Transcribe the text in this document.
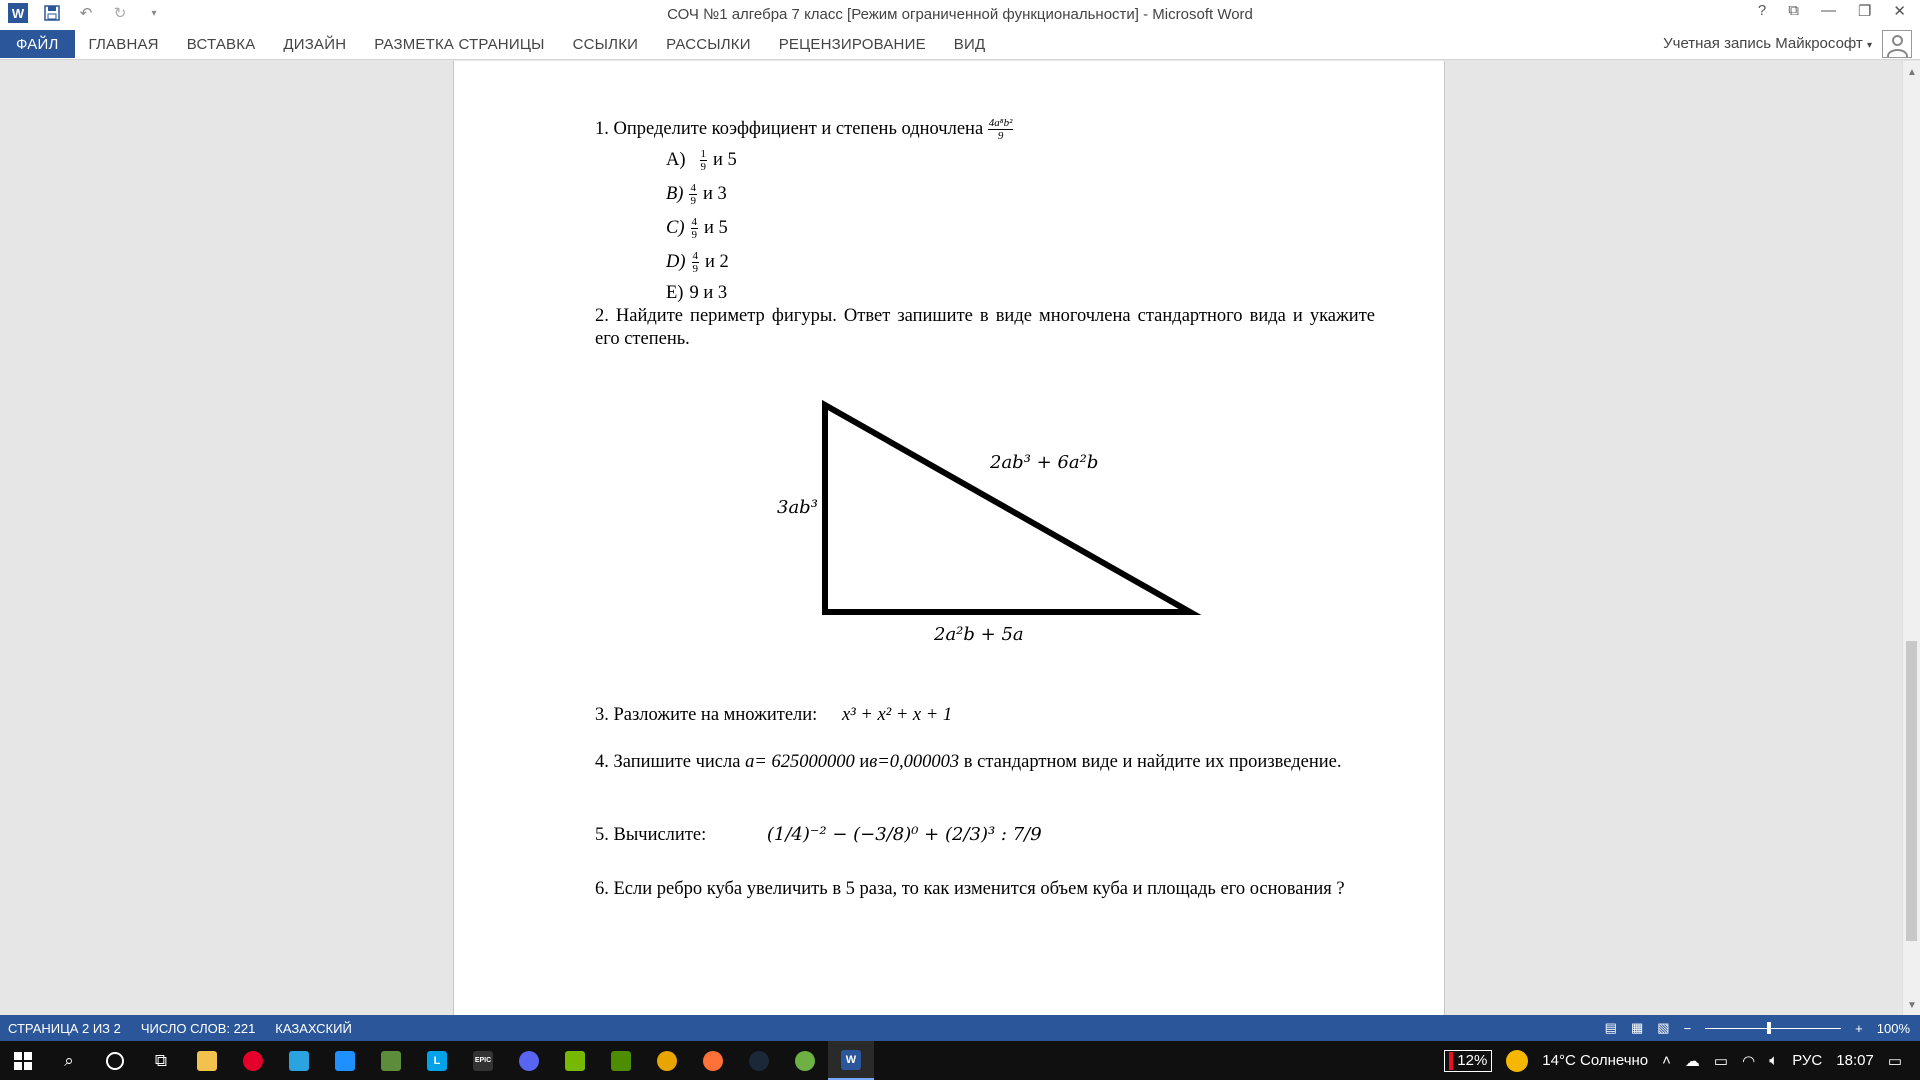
W	↶ ↻	▾	СОЧ №1 алгебра 7 класс [Режим ограниченной функциональности] - Microsoft Word	? ⧉ — ❐ ✕
ФАЙЛ	ГЛАВНАЯ	ВСТАВКА	ДИЗАЙН	РАЗМЕТКА СТРАНИЦЫ	ССЫЛКИ	РАССЫЛКИ	РЕЦЕНЗИРОВАНИЕ	ВИД	Учетная запись Майкрософт ▾
▲
▼
1. Определите коэффициент и степень одночлена $\frac{\text{4a⁸b²}}{9}$
$A) \frac{1}{9}$ и 5
$B) \frac{4}{9}$ и 3
$C) \frac{4}{9}$ и 5
$D) \frac{4}{9}$ и 2
E) 9 и 3
2. Найдите периметр фигуры. Ответ запишите в виде многочлена стандартного вида и укажите его степень.
3ab³
2ab³ + 6a²b
2a²b + 5a
3. Разложите на множители: x³ + x² + x + 1
4. Запишите числа a= 625000000 ив=0,000003 в стандартном виде и найдите их произведение.
5. Вычислите:	(1/4)⁻² − (−3/8)⁰ + (2/3)³ : 7/9
6. Если ребро куба увеличить в 5 раза, то как изменится объем куба и площадь его основания ?
СТРАНИЦА 2 ИЗ 2 ЧИСЛО СЛОВ: 221 КАЗАХСКИЙ	▤ ▦ ▧ −	+ 100%
⌕	⧉	L	EPIC	W	12%	14°C Солнечно ˄ ☁ ▭ ◠ 🔈︎ РУС 18:07 ▭
